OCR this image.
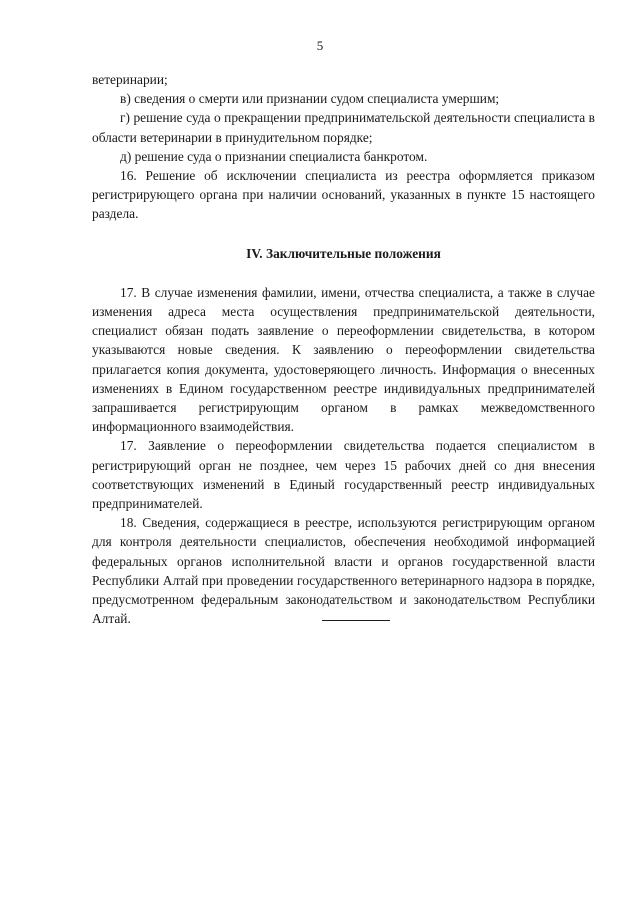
5

ветеринарии;

в) сведения о смерти или признании судом специалиста умершим;

г) решение суда о прекращении предпринимательской деятельности специалиста в области ветеринарии в принудительном порядке;

д) решение суда о признании специалиста банкротом.

16. Решение об исключении специалиста из реестра оформляется приказом регистрирующего органа при наличии оснований, указанных в пункте 15 настоящего раздела.

IV. Заключительные положения

17. В случае изменения фамилии, имени, отчества специалиста, а также в случае изменения адреса места осуществления предпринимательской деятельности, специалист обязан подать заявление о переоформлении свидетельства, в котором указываются новые сведения. К заявлению о переоформлении свидетельства прилагается копия документа, удостоверяющего личность. Информация о внесенных изменениях в Едином государственном реестре индивидуальных предпринимателей запрашивается регистрирующим органом в рамках межведомственного информационного взаимодействия.

17. Заявление о переоформлении свидетельства подается специалистом в регистрирующий орган не позднее, чем через 15 рабочих дней со дня внесения соответствующих изменений в Единый государственный реестр индивидуальных предпринимателей.

18. Сведения, содержащиеся в реестре, используются регистрирующим органом для контроля деятельности специалистов, обеспечения необходимой информацией федеральных органов исполнительной власти и органов государственной власти Республики Алтай при проведении государственного ветеринарного надзора в порядке, предусмотренном федеральным законодательством и законодательством Республики Алтай.
